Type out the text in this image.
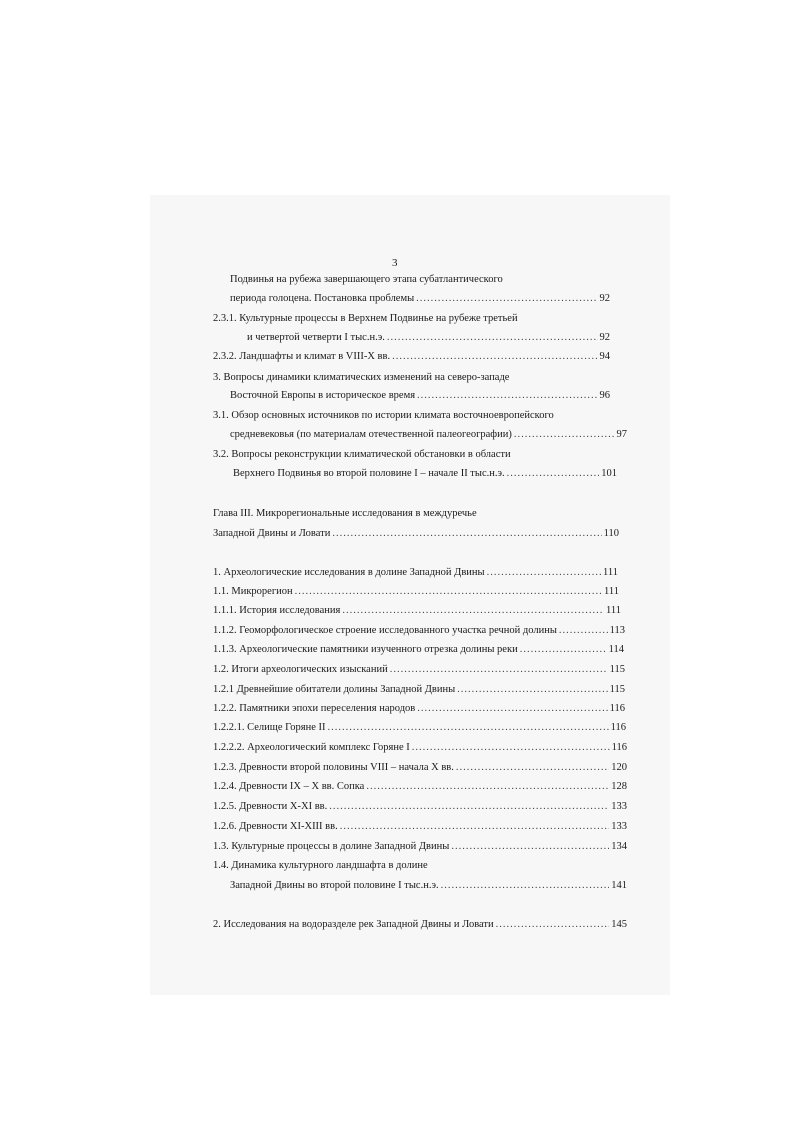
3
Подвинья на рубежа завершающего этапа субатлантического
периода голоцена. Постановка проблемы .....	92
2.3.1. Культурные процессы в Верхнем Подвинье на рубеже третьей
и четвертой четверти I тыс.н.э. .....	92
2.3.2. Ландшафты и климат в VIII-X вв. .....	94
3. Вопросы динамики климатических изменений на северо-западе
Восточной Европы в историческое время .....	96
3.1. Обзор основных источников по истории климата восточноевропейского
средневековья (по материалам отечественной палеогеографии) .....	97
3.2. Вопросы реконструкции климатической обстановки в области
Верхнего Подвинья во второй половине I – начале II тыс.н.э. .....	101
Глава III. Микрорегиональные исследования в междуречье
Западной Двины и Ловати .....	110
1. Археологические исследования в долине Западной Двины .....	111
1.1. Микрорегион .....	111
1.1.1. История исследования .....	111
1.1.2. Геоморфологическое строение исследованного участка речной долины .....	113
1.1.3. Археологические памятники изученного отрезка долины реки .....	114
1.2. Итоги археологических изысканий .....	115
1.2.1 Древнейшие обитатели долины Западной Двины .....	115
1.2.2. Памятники эпохи переселения народов .....	116
1.2.2.1. Селище Горяне II .....	116
1.2.2.2. Археологический комплекс Горяне I .....	116
1.2.3. Древности второй половины VIII – начала X вв. .....	120
1.2.4. Древности IX – X вв. Сопка .....	128
1.2.5. Древности X-XI вв. .....	133
1.2.6. Древности XI-XIII вв. .....	133
1.3. Культурные процессы в долине Западной Двины .....	134
1.4. Динамика культурного ландшафта в долине
Западной Двины во второй половине I тыс.н.э. .....	141
2. Исследования на водоразделе рек Западной Двины и Ловати .....	145
